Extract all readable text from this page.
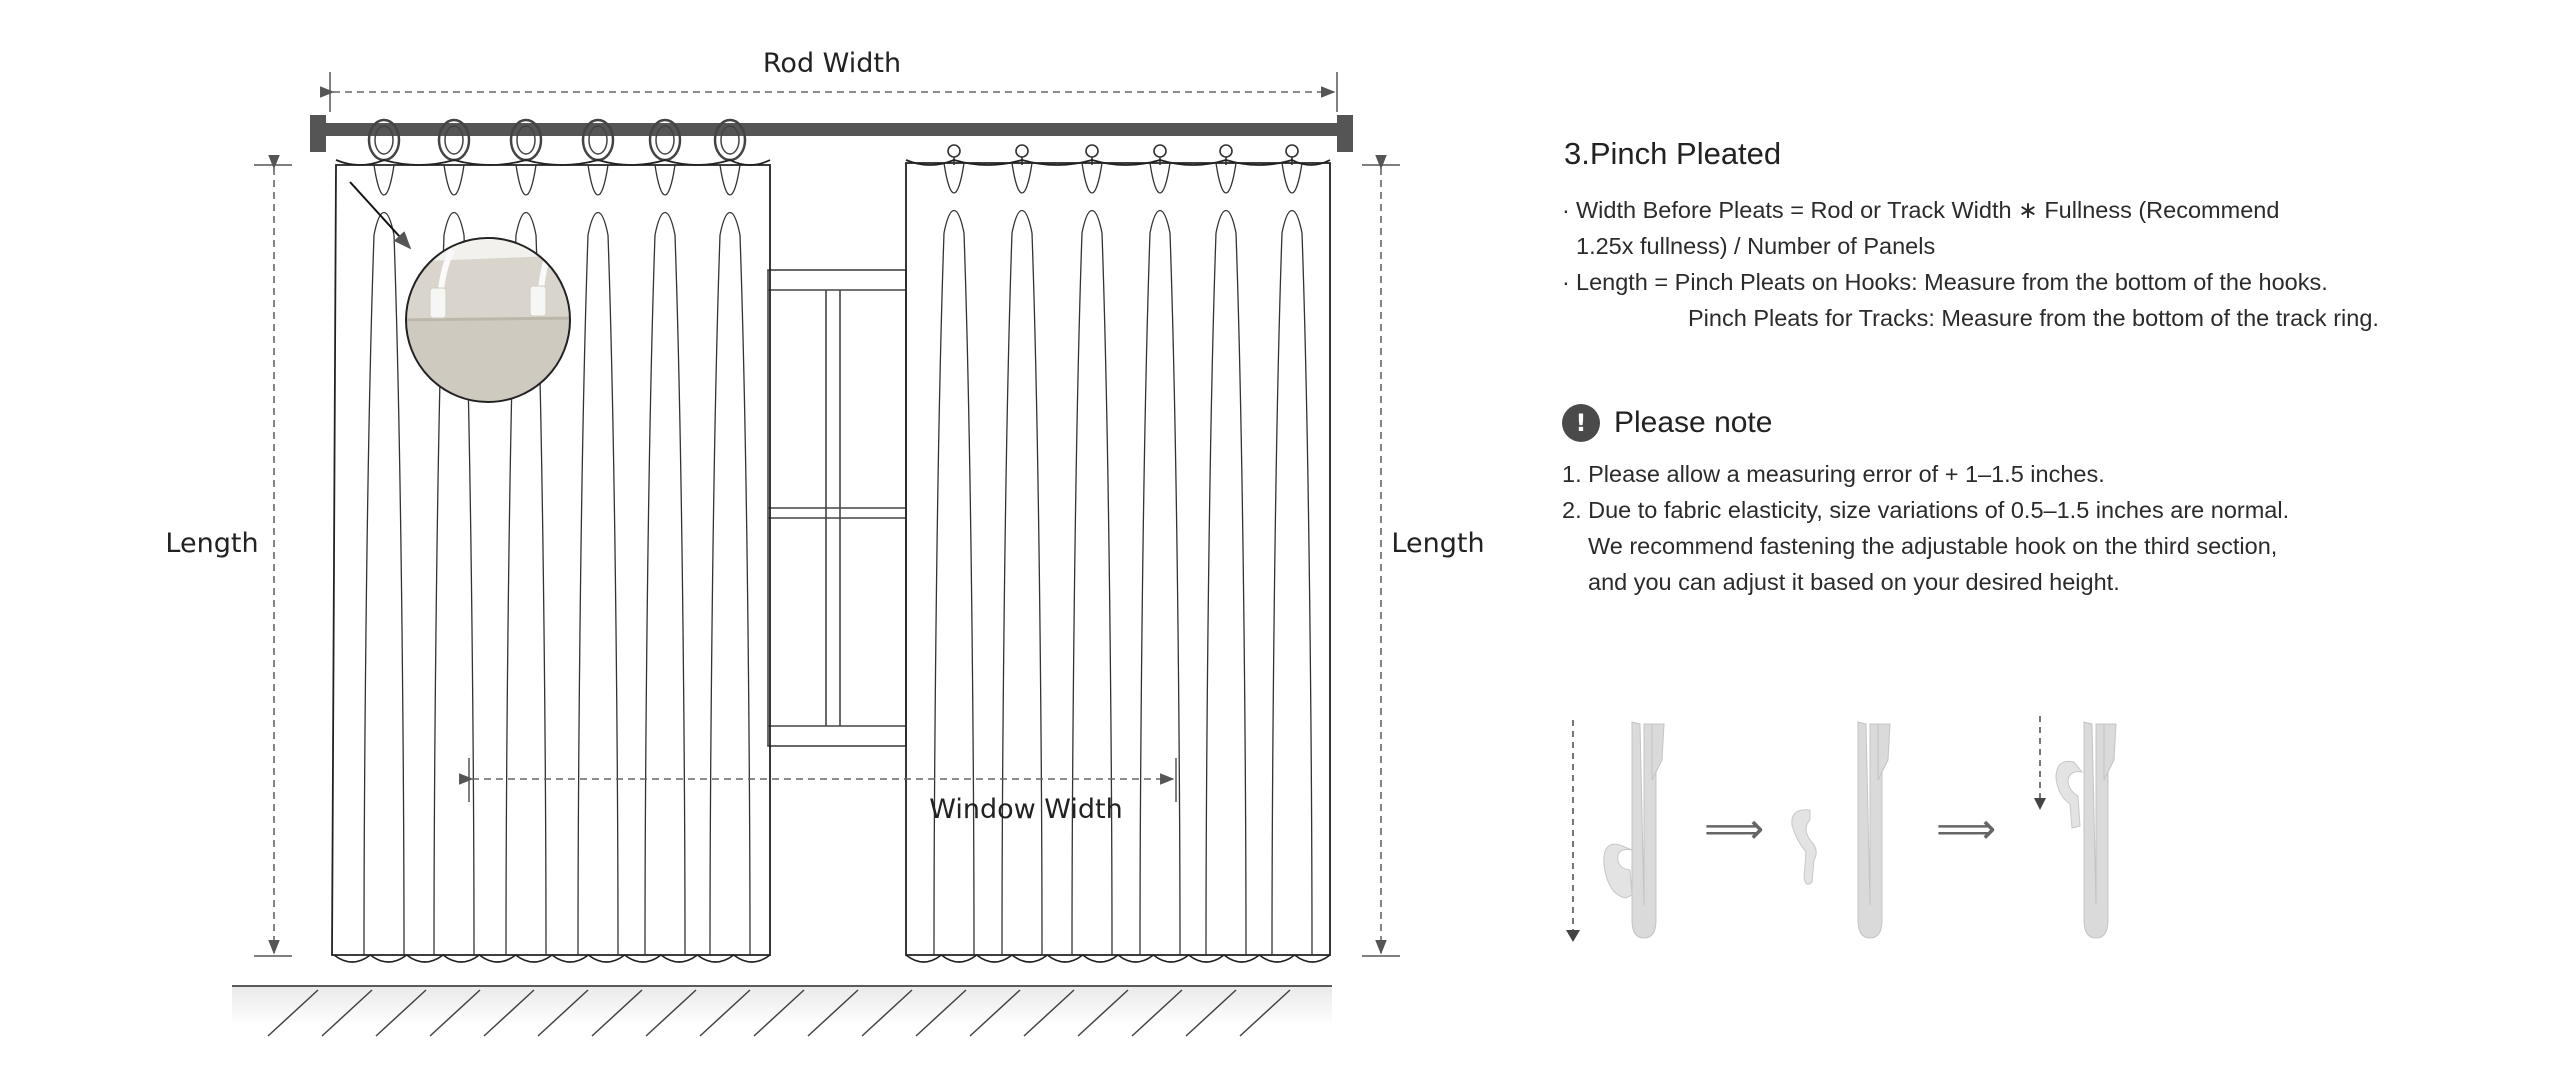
Rod Width
Length	Length
Window Width
3.Pinch Pleated
· Width Before Pleats = Rod or Track Width ∗ Fullness (Recommend
1.25x fullness) / Number of Panels
· Length = Pinch Pleats on Hooks: Measure from the bottom of the hooks.
Pinch Pleats for Tracks: Measure from the bottom of the track ring.
! Please note
1. Please allow a measuring error of + 1–1.5 inches.
2. Due to fabric elasticity, size variations of 0.5–1.5 inches are normal.
We recommend fastening the adjustable hook on the third section,
and you can adjust it based on your desired height.
⟹	⟹
